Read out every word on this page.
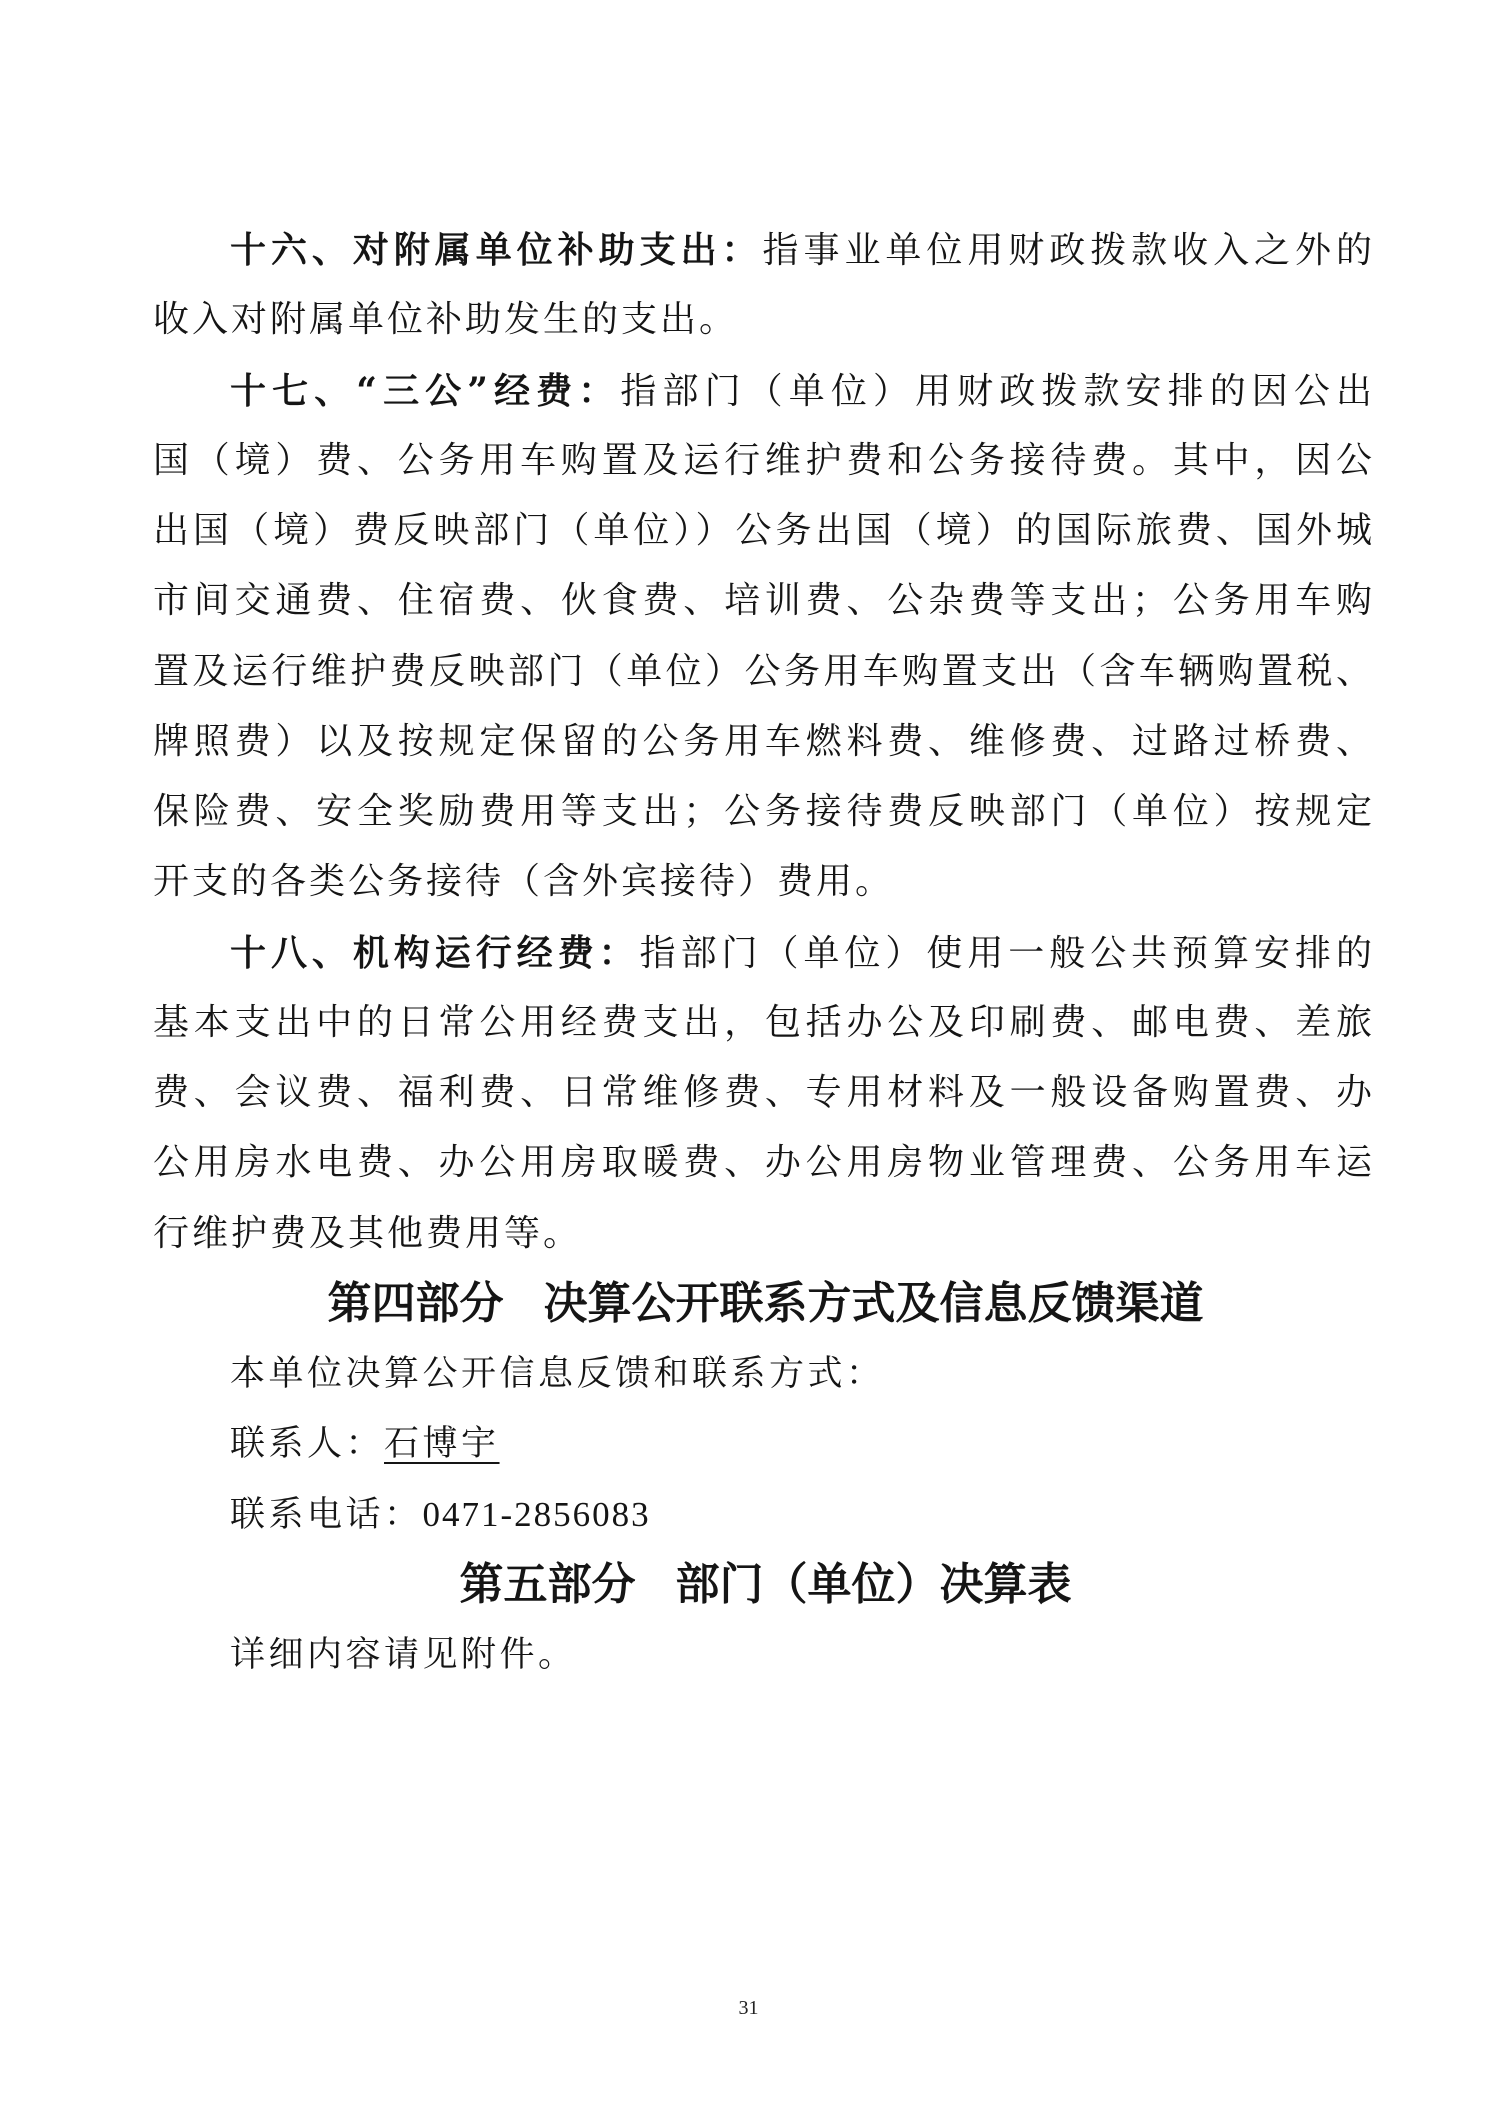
十六、对附属单位补助支出：指事业单位用财政拨款收入之外的
收入对附属单位补助发生的支出。
十七、“三公”经费：指部门（单位）用财政拨款安排的因公出
国（境）费、公务用车购置及运行维护费和公务接待费。其中，因公
出国（境）费反映部门（单位））公务出国（境）的国际旅费、国外城
市间交通费、住宿费、伙食费、培训费、公杂费等支出；公务用车购
置及运行维护费反映部门（单位）公务用车购置支出（含车辆购置税、
牌照费）以及按规定保留的公务用车燃料费、维修费、过路过桥费、
保险费、安全奖励费用等支出；公务接待费反映部门（单位）按规定
开支的各类公务接待（含外宾接待）费用。
十八、机构运行经费：指部门（单位）使用一般公共预算安排的
基本支出中的日常公用经费支出，包括办公及印刷费、邮电费、差旅
费、会议费、福利费、日常维修费、专用材料及一般设备购置费、办
公用房水电费、办公用房取暖费、办公用房物业管理费、公务用车运
行维护费及其他费用等。
第四部分 决算公开联系方式及信息反馈渠道
本单位决算公开信息反馈和联系方式：
联系人：石博宇
联系电话：0471-2856083
第五部分 部门（单位）决算表
详细内容请见附件。
31
